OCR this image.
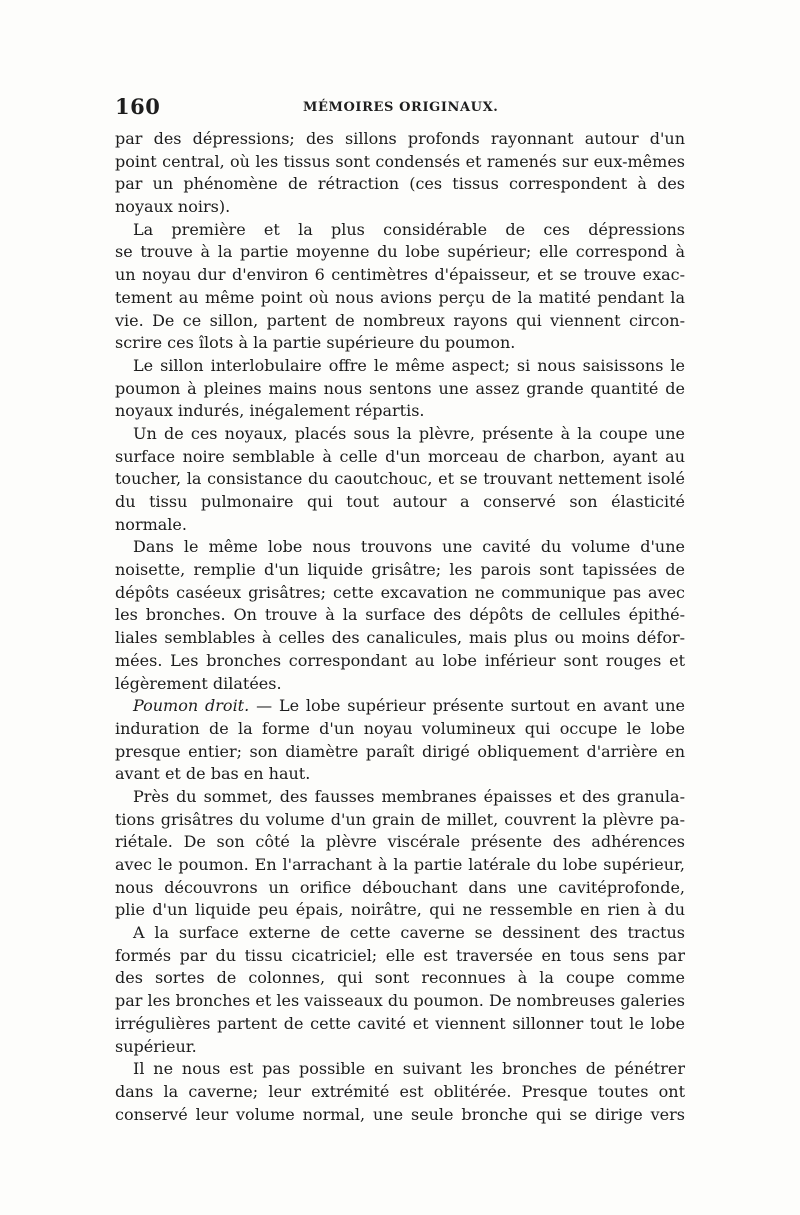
160	MÉMOIRES ORIGINAUX.
par des dépressions; des sillons profonds rayonnant autour d'un
point central, où les tissus sont condensés et ramenés sur eux-mêmes
par un phénomène de rétraction (ces tissus correspondent à des
noyaux noirs).
La première et la plus considérable de ces dépressions
se trouve à la partie moyenne du lobe supérieur; elle correspond à
un noyau dur d'environ 6 centimètres d'épaisseur, et se trouve exac-
tement au même point où nous avions perçu de la matité pendant la
vie. De ce sillon, partent de nombreux rayons qui viennent circon-
scrire ces îlots à la partie supérieure du poumon.
Le sillon interlobulaire offre le même aspect; si nous saisissons le
poumon à pleines mains nous sentons une assez grande quantité de
noyaux indurés, inégalement répartis.
Un de ces noyaux, placés sous la plèvre, présente à la coupe une
surface noire semblable à celle d'un morceau de charbon, ayant au
toucher, la consistance du caoutchouc, et se trouvant nettement isolé
du tissu pulmonaire qui tout autour a conservé son élasticité
normale.
Dans le même lobe nous trouvons une cavité du volume d'une
noisette, remplie d'un liquide grisâtre; les parois sont tapissées de
dépôts caséeux grisâtres; cette excavation ne communique pas avec
les bronches. On trouve à la surface des dépôts de cellules épithé-
liales semblables à celles des canalicules, mais plus ou moins défor-
mées. Les bronches correspondant au lobe inférieur sont rouges et
légèrement dilatées.
Poumon droit. — Le lobe supérieur présente surtout en avant une
induration de la forme d'un noyau volumineux qui occupe le lobe
presque entier; son diamètre paraît dirigé obliquement d'arrière en
avant et de bas en haut.
Près du sommet, des fausses membranes épaisses et des granula-
tions grisâtres du volume d'un grain de millet, couvrent la plèvre pa-
riétale. De son côté la plèvre viscérale présente des adhérences
avec le poumon. En l'arrachant à la partie latérale du lobe supérieur,
nous découvrons un orifice débouchant dans une cavitéprofonde,
plie d'un liquide peu épais, noirâtre, qui ne ressemble en rien à du
A la surface externe de cette caverne se dessinent des tractus
formés par du tissu cicatriciel; elle est traversée en tous sens par
des sortes de colonnes, qui sont reconnues à la coupe comme
par les bronches et les vaisseaux du poumon. De nombreuses galeries
irrégulières partent de cette cavité et viennent sillonner tout le lobe
supérieur.
Il ne nous est pas possible en suivant les bronches de pénétrer
dans la caverne; leur extrémité est oblitérée. Presque toutes ont
conservé leur volume normal, une seule bronche qui se dirige vers
